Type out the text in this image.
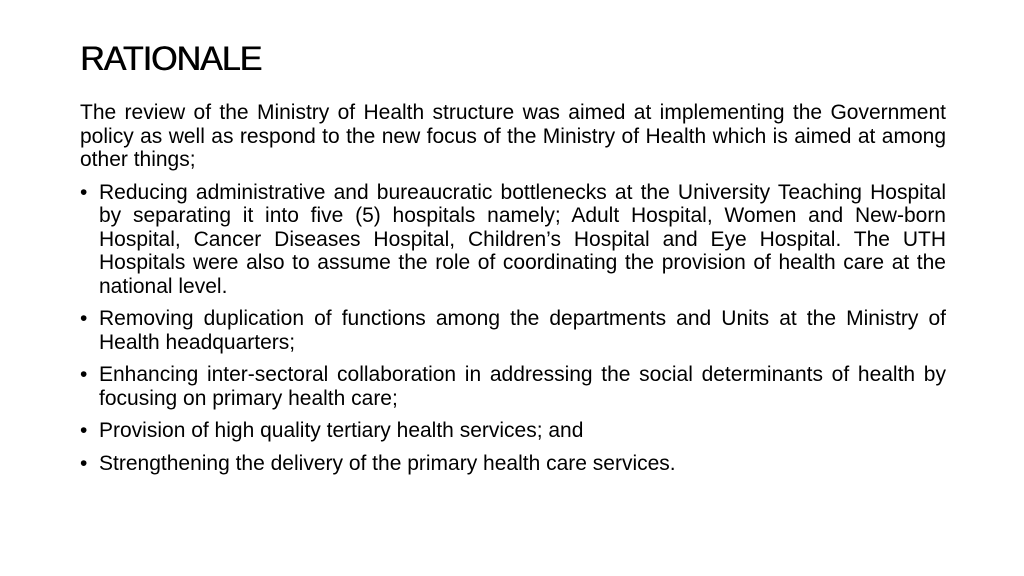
RATIONALE

The review of the Ministry of Health structure was aimed at implementing the Government policy as well as respond to the new focus of the Ministry of Health which is aimed at among other things;

• Reducing administrative and bureaucratic bottlenecks at the University Teaching Hospital by separating it into five (5) hospitals namely; Adult Hospital, Women and New-born Hospital, Cancer Diseases Hospital, Children’s Hospital and Eye Hospital. The UTH Hospitals were also to assume the role of coordinating the provision of health care at the national level.
• Removing duplication of functions among the departments and Units at the Ministry of Health headquarters;
• Enhancing inter-sectoral collaboration in addressing the social determinants of health by focusing on primary health care;
• Provision of high quality tertiary health services; and
• Strengthening the delivery of the primary health care services.
